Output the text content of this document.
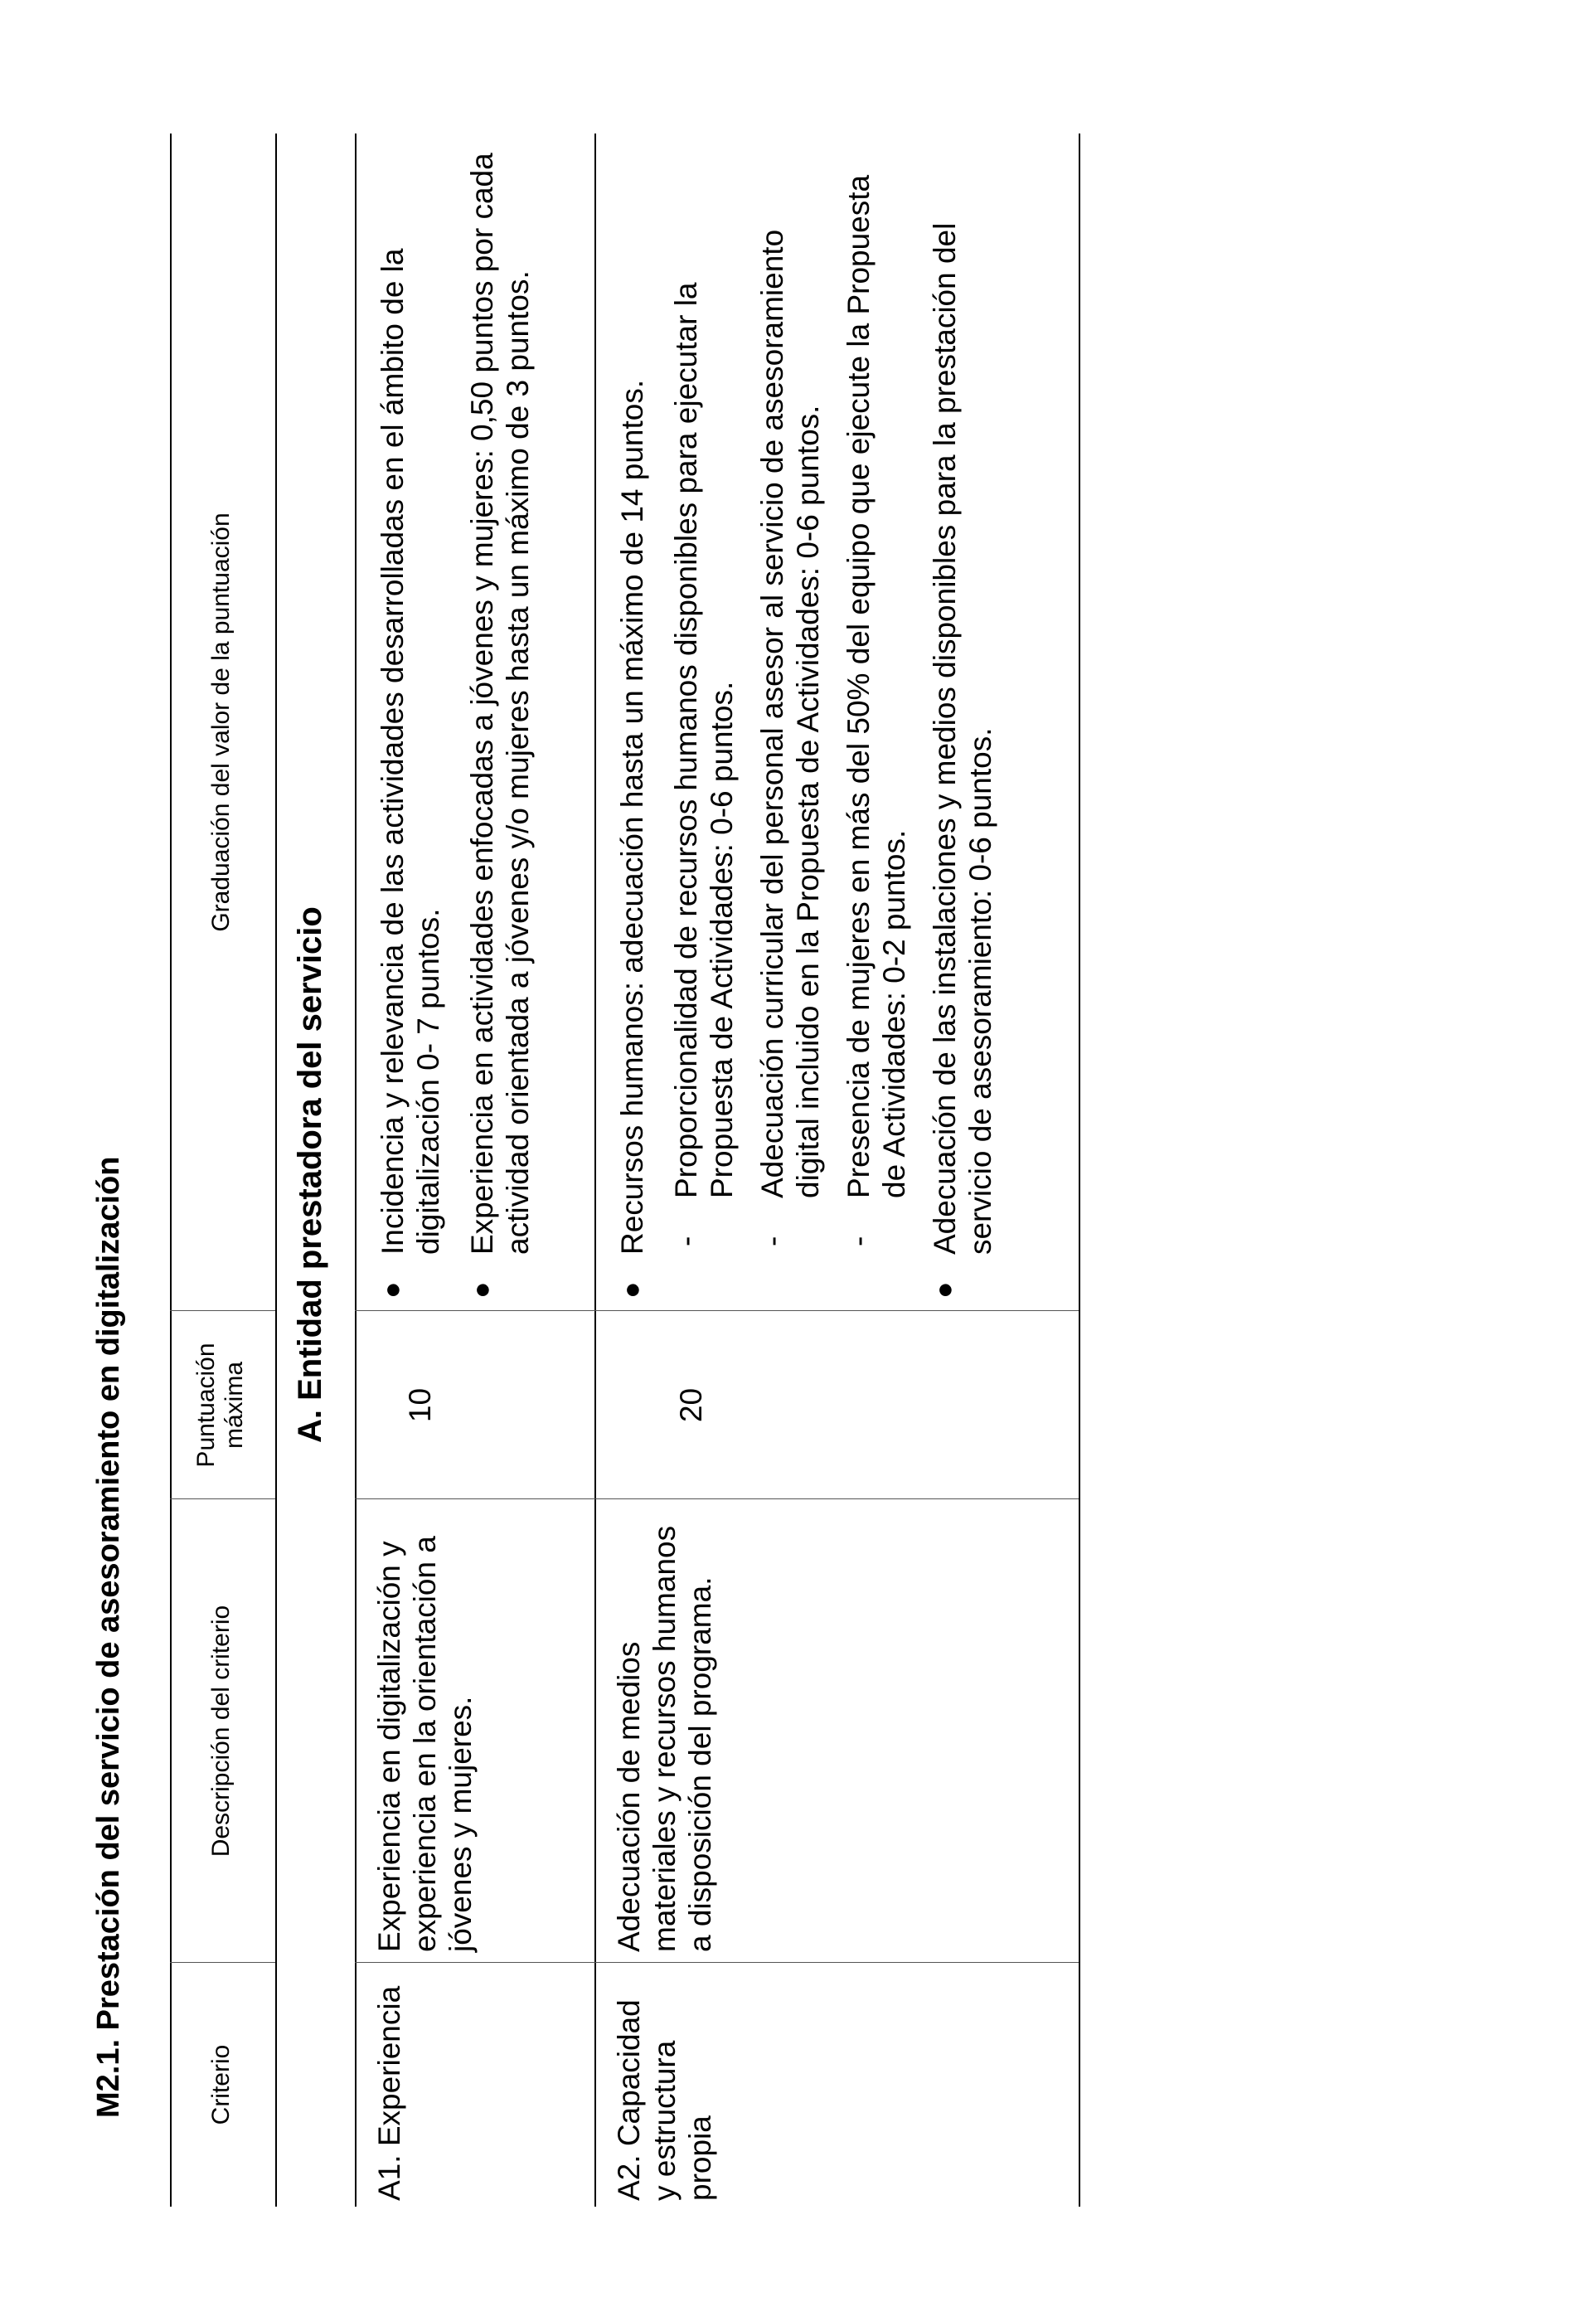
M2.1. Prestación del servicio de asesoramiento en digitalización	Criterio
Descripción del criterio
Puntuación máxima
Graduación del valor de la puntuación
A. Entidad prestadora del servicio
A1. Experiencia
Experiencia en digitalización y experiencia en la orientación a jóvenes y mujeres.
10
●
Incidencia y relevancia de las actividades desarrolladas en el ámbito de la digitalización 0- 7 puntos.
●
Experiencia en actividades enfocadas a jóvenes y mujeres: 0,50 puntos por cada actividad orientada a jóvenes y/o mujeres hasta un máximo de 3 puntos.
A2. Capacidad y estructura propia
Adecuación de medios materiales y recursos humanos a disposición del programa.
20
●
Recursos humanos: adecuación hasta un máximo de 14 puntos. -
Proporcionalidad de recursos humanos disponibles para ejecutar la Propuesta de Actividades: 0-6 puntos.
-
Adecuación curricular del personal asesor al servicio de asesoramiento digital incluido en la Propuesta de Actividades: 0-6 puntos.
-
Presencia de mujeres en más del 50% del equipo que ejecute la Propuesta de Actividades: 0-2 puntos.
●
Adecuación de las instalaciones y medios disponibles para la prestación del servicio de asesoramiento: 0-6 puntos.
